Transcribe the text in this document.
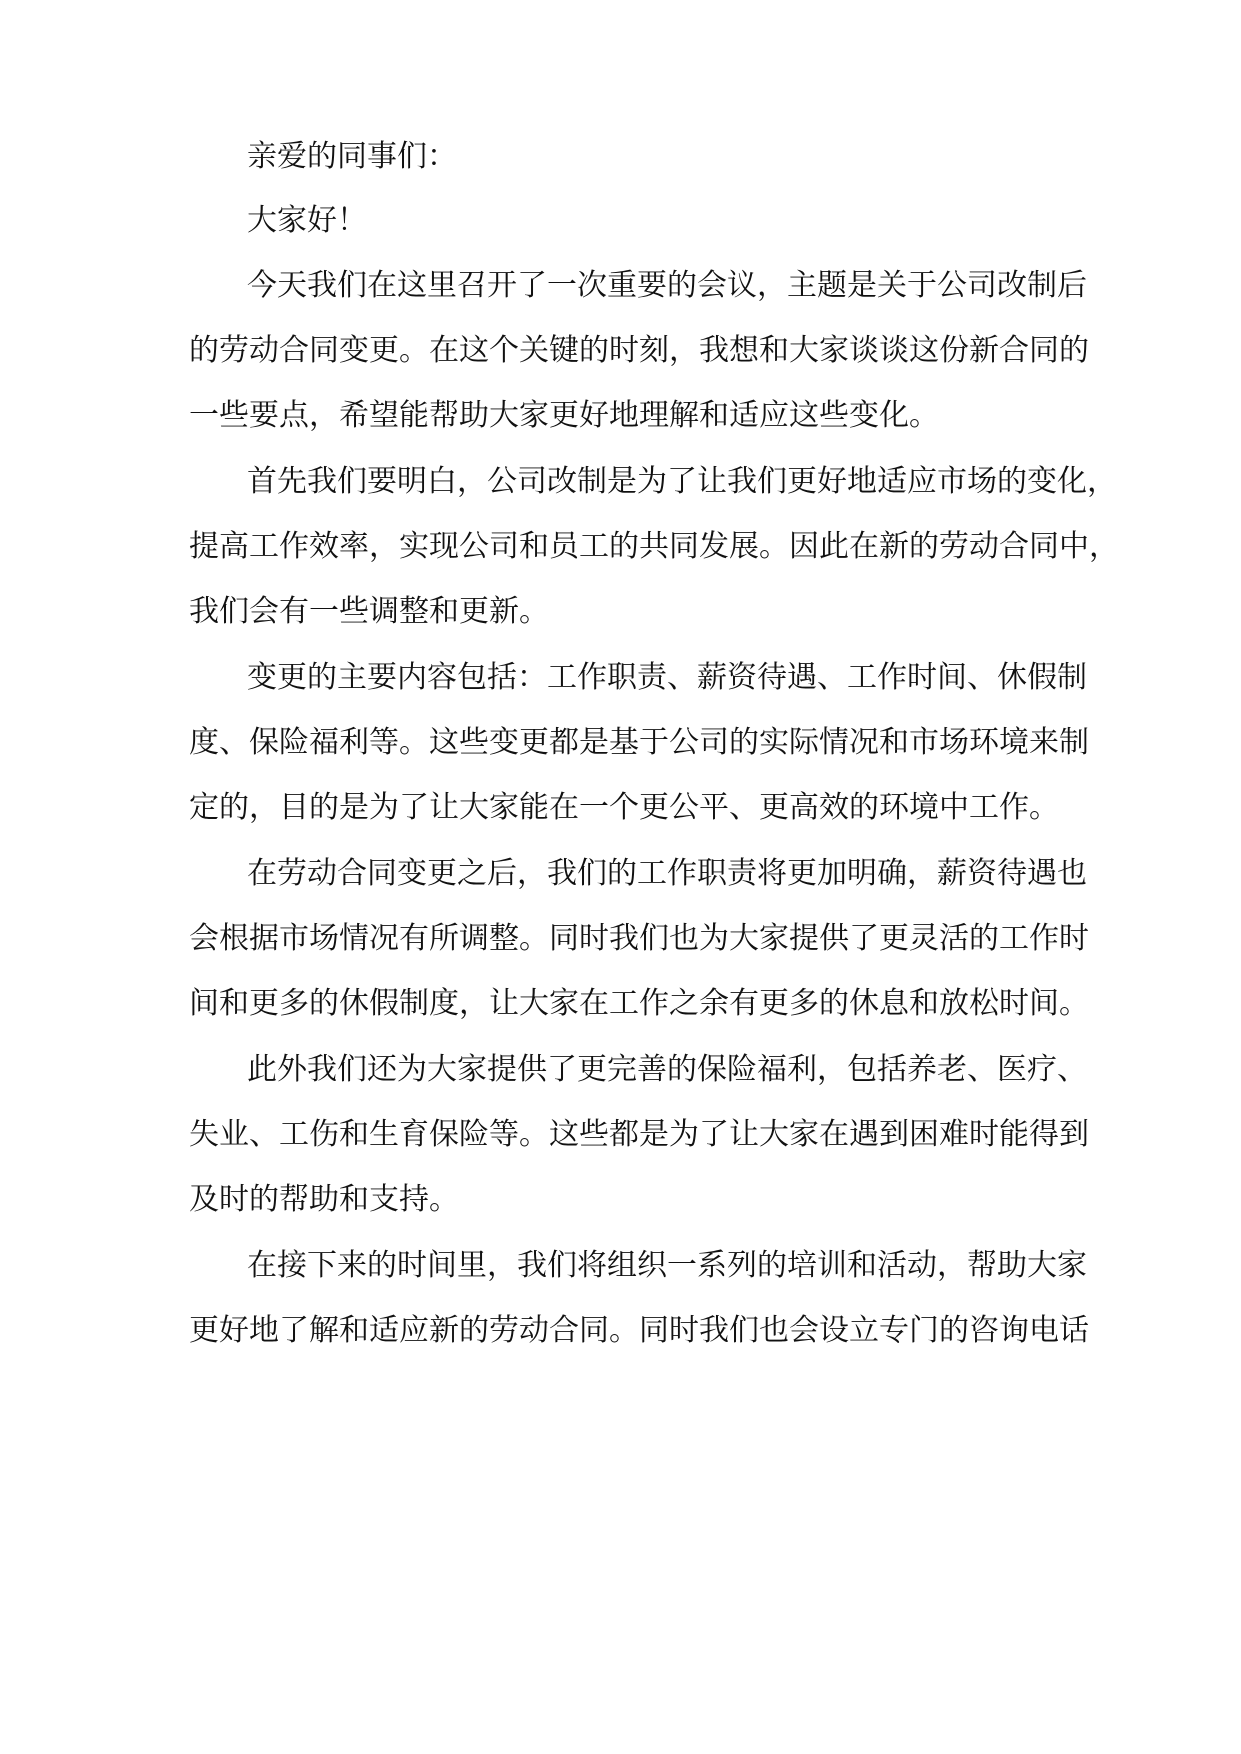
亲爱的同事们：
大家好！
今天我们在这里召开了一次重要的会议，主题是关于公司改制后
的劳动合同变更。在这个关键的时刻，我想和大家谈谈这份新合同的
一些要点，希望能帮助大家更好地理解和适应这些变化。
首先我们要明白，公司改制是为了让我们更好地适应市场的变化，
提高工作效率，实现公司和员工的共同发展。因此在新的劳动合同中，
我们会有一些调整和更新。
变更的主要内容包括：工作职责、薪资待遇、工作时间、休假制
度、保险福利等。这些变更都是基于公司的实际情况和市场环境来制
定的，目的是为了让大家能在一个更公平、更高效的环境中工作。
在劳动合同变更之后，我们的工作职责将更加明确，薪资待遇也
会根据市场情况有所调整。同时我们也为大家提供了更灵活的工作时
间和更多的休假制度，让大家在工作之余有更多的休息和放松时间。
此外我们还为大家提供了更完善的保险福利，包括养老、医疗、
失业、工伤和生育保险等。这些都是为了让大家在遇到困难时能得到
及时的帮助和支持。
在接下来的时间里，我们将组织一系列的培训和活动，帮助大家
更好地了解和适应新的劳动合同。同时我们也会设立专门的咨询电话
